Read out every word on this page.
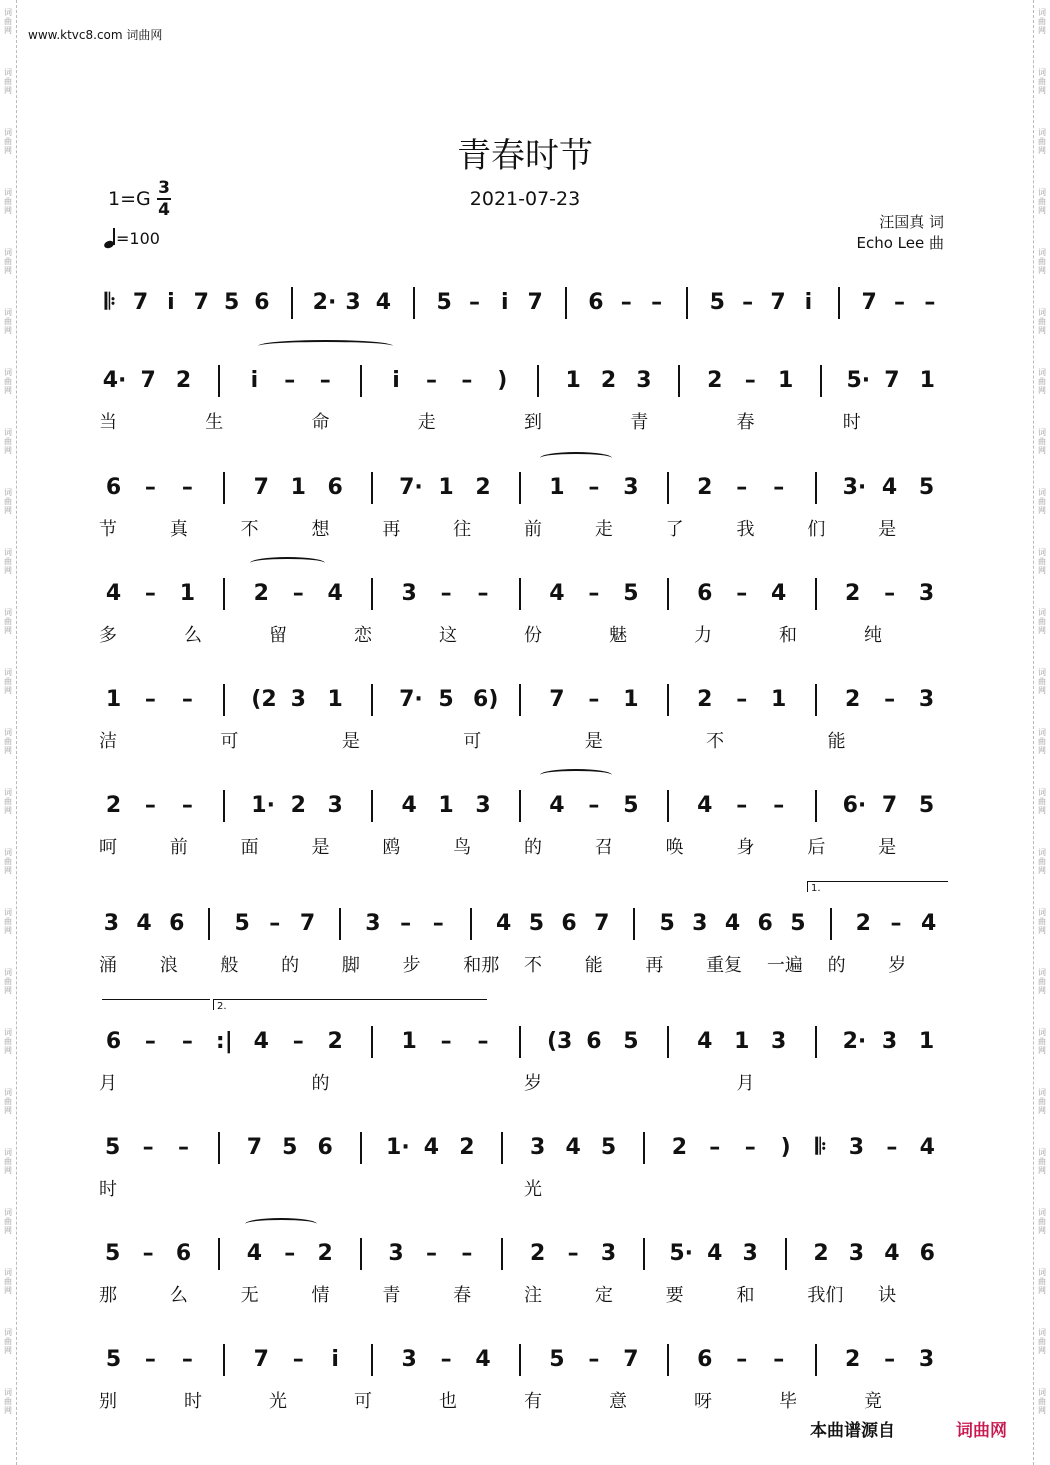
词
曲
网
词
曲
网
词
曲
网
词
曲
网
词
曲
网
词
曲
网
词
曲
网
词
曲
网
词
曲
网
词
曲
网
词
曲
网
词
曲
网
词
曲
网
词
曲
网
词
曲
网
词
曲
网
词
曲
网
词
曲
网
词
曲
网
词
曲
网
词
曲
网
词
曲
网
词
曲
网
词
曲
网
词
曲
网
词
曲
网
词
曲
网
词
曲
网
词
曲
网
词
曲
网
词
曲
网
词
曲
网
词
曲
网
词
曲
网
词
曲
网
词
曲
网
词
曲
网
词
曲
网
词
曲
网
词
曲
网
词
曲
网
词
曲
网
词
曲
网
词
曲
网
词
曲
网
词
曲
网
词
曲
网
词
曲
网
www.ktvc8.com 词曲网
青春时节
2021-07-23
1=G 3
4
=100
汪国真 词
Echo Lee 曲
𝄆 7 i 7 5 6 2· 3 4 5 – i 7 6 – – 5 – 7 i 7 – –
4· 7 2	i – –	i – – )	1 2 3	2 – 1 5· 7 1
当	生	命	走	到	青	春	时
6 – –	7 1 6	7· 1 2	1 – 3	2 – –	3· 4 5
节	真	不	想	再	往	前	走	了	我	们	是
4 – 1	2 – 4	3 – –	4 – 5	6 – 4	2 – 3
多	么	留	恋	这	份	魅	力	和	纯
1 – –	(2 3 1	7· 5 6) 7 – 1	2 – 1	2 – 3
洁	可	是	可	是	不	能
2 – –	1· 2 3	4 1 3	4 – 5	4 – –	6· 7 5
呵	前	面	是	鸥	鸟	的	召	唤	身	后	是
3 4 6 5 – 7 3 – – 4 5 6 7 5 3 4 6 5 2 – 4
涌 浪 般 的 脚 步 和那 不 能 再 重复 一遍 的 岁
6 – – :| 4 – 2	1 – –	(3 6 5	4 1 3	2· 3 1
月	的	岁	月
5 – –	7 5 6 1· 4 2	3 4 5	2 – – ) 𝄆 3 – 4
时	光
5 – 6	4 – 2	3 – –	2 – 3 5· 4 3	2 3 4 6
那	么	无	情	青	春	注	定	要	和	我们 诀
5 – –	7 – i	3 – 4	5 – 7	6 – –	2 – 3
别	时	光	可	也	有	意	呀	毕	竟
1.
2.
本曲谱源自	词曲网
